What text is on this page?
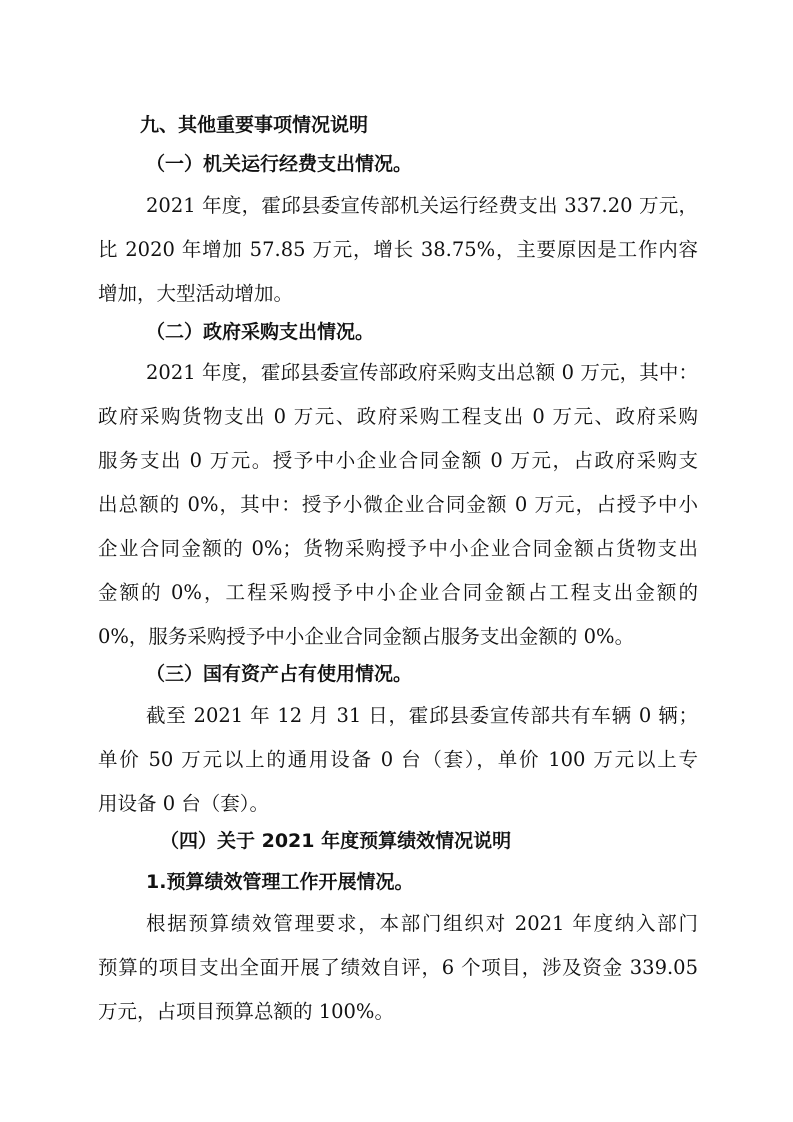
九、其他重要事项情况说明
（一）机关运行经费支出情况。
2021 年度，霍邱县委宣传部机关运行经费支出 337.20 万元，
比 2020 年增加 57.85 万元，增长 38.75%，主要原因是工作内容
增加，大型活动增加。
（二）政府采购支出情况。
2021 年度，霍邱县委宣传部政府采购支出总额 0 万元，其中：
政府采购货物支出 0 万元、政府采购工程支出 0 万元、政府采购
服务支出 0 万元。授予中小企业合同金额 0 万元，占政府采购支
出总额的 0%，其中：授予小微企业合同金额 0 万元，占授予中小
企业合同金额的 0%；货物采购授予中小企业合同金额占货物支出
金额的 0%，工程采购授予中小企业合同金额占工程支出金额的
0%，服务采购授予中小企业合同金额占服务支出金额的 0%。
（三）国有资产占有使用情况。
截至 2021 年 12 月 31 日，霍邱县委宣传部共有车辆 0 辆；
单价 50 万元以上的通用设备 0 台（套），单价 100 万元以上专
用设备 0 台（套）。
（四）关于 2021 年度预算绩效情况说明
1.预算绩效管理工作开展情况。
根据预算绩效管理要求，本部门组织对 2021 年度纳入部门
预算的项目支出全面开展了绩效自评，6 个项目，涉及资金 339.05
万元，占项目预算总额的 100%。
